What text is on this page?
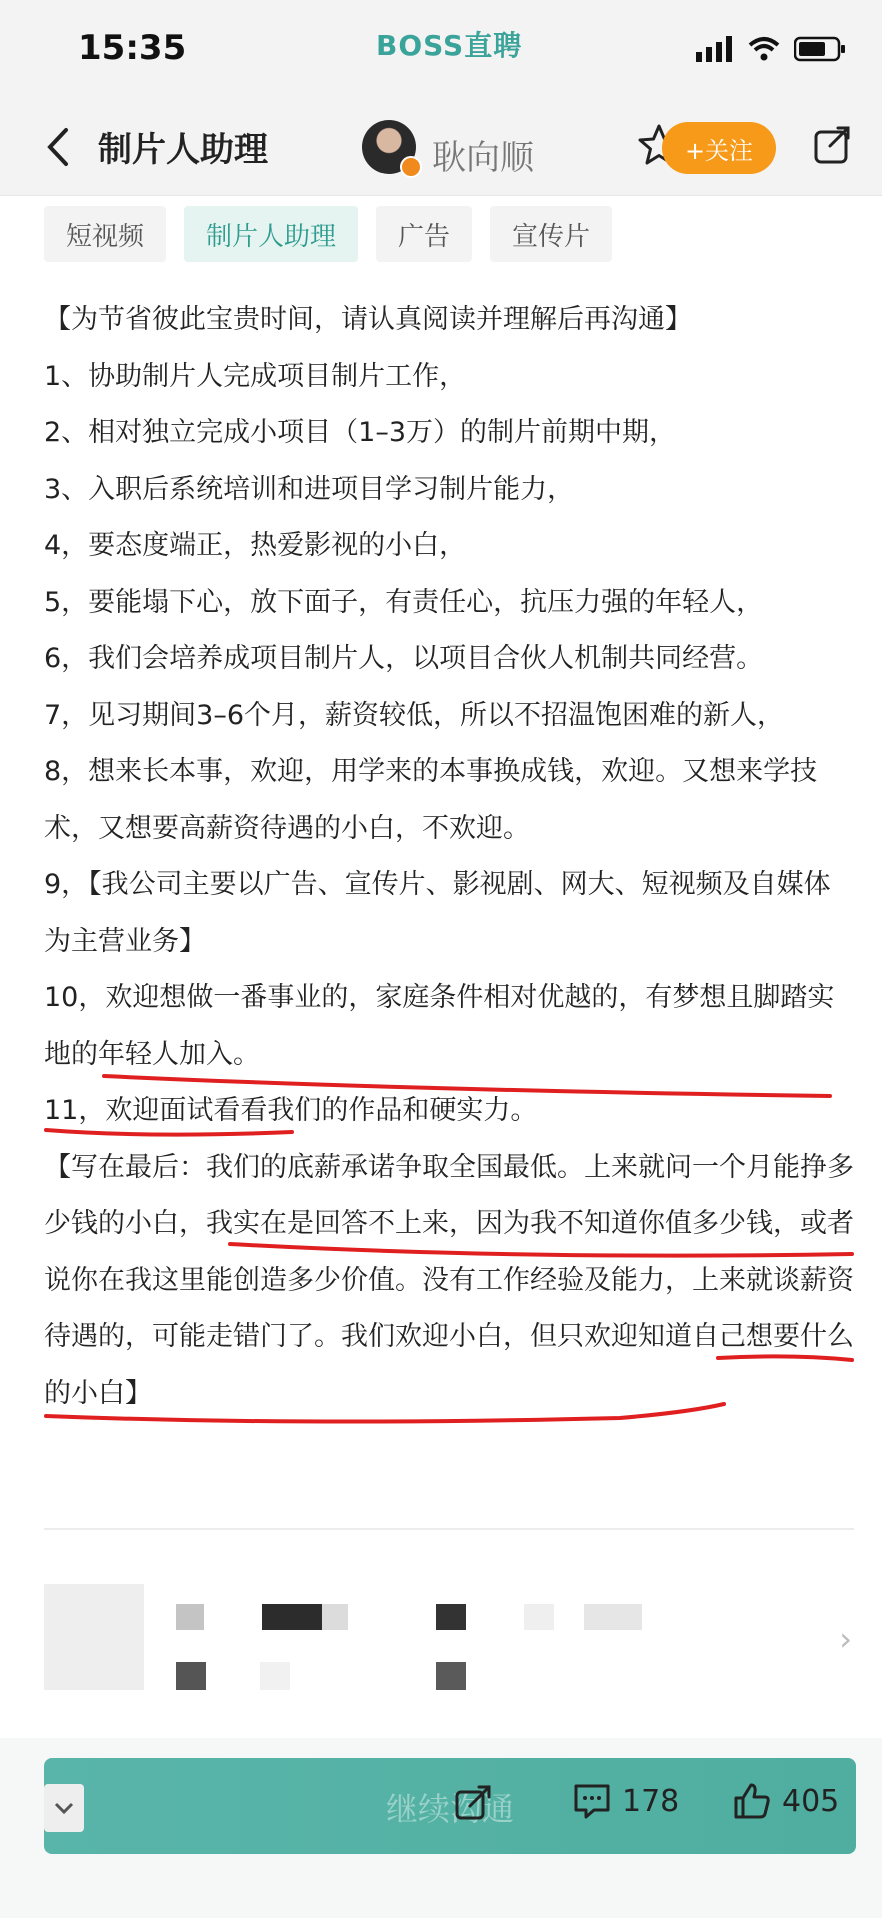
15:35	BOSS直聘
制片人助理	耿向顺	+关注
短视频	制片人助理	广告	宣传片

【为节省彼此宝贵时间，请认真阅读并理解后再沟通】

1、协助制片人完成项目制片工作，

2、相对独立完成小项目（1–3万）的制片前期中期，

3、入职后系统培训和进项目学习制片能力，

4，要态度端正，热爱影视的小白，

5，要能塌下心，放下面子，有责任心，抗压力强的年轻人，

6，我们会培养成项目制片人，以项目合伙人机制共同经营。

7，见习期间3–6个月，薪资较低，所以不招温饱困难的新人，

8，想来长本事，欢迎，用学来的本事换成钱，欢迎。又想来学技术，又想要高薪资待遇的小白，不欢迎。

9，【我公司主要以广告、宣传片、影视剧、网大、短视频及自媒体为主营业务】

10，欢迎想做一番事业的，家庭条件相对优越的，有梦想且脚踏实地的年轻人加入。

11，欢迎面试看看我们的作品和硬实力。

【写在最后：我们的底薪承诺争取全国最低。上来就问一个月能挣多少钱的小白，我实在是回答不上来，因为我不知道你值多少钱，或者说你在我这里能创造多少价值。没有工作经验及能力，上来就谈薪资待遇的，可能走错门了。我们欢迎小白，但只欢迎知道自己想要什么的小白】

›
继续沟通	178	405
